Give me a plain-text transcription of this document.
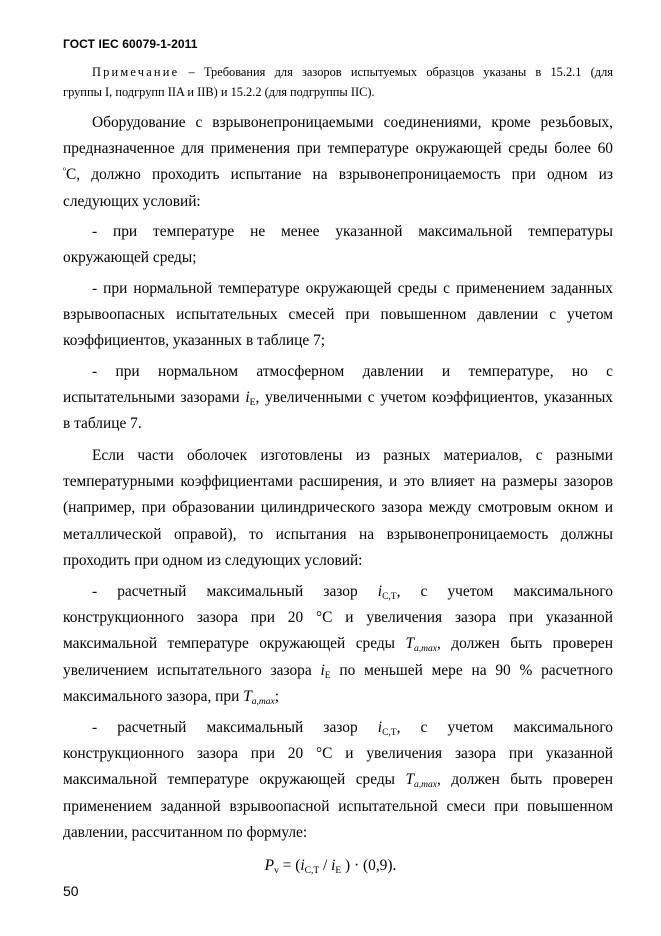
ГОСТ IEC 60079-1-2011
Примечание – Требования для зазоров испытуемых образцов указаны в 15.2.1 (для
группы I, подгрупп IIA и IIB) и 15.2.2 (для подгруппы IIC).
Оборудование с взрывонепроницаемыми соединениями, кроме резьбовых,
предназначенное для применения при температуре окружающей среды более 60
$^º$С, должно проходить испытание на взрывонепроницаемость при одном из
следующих условий:
- при температуре не менее указанной максимальной температуры
окружающей среды;
- при нормальной температуре окружающей среды с применением заданных
взрывоопасных испытательных смесей при повышенном давлении с учетом
коэффициентов, указанных в таблице 7;
- при нормальном атмосферном давлении и температуре, но с
испытательными зазорами $i_E$, увеличенными с учетом коэффициентов, указанных
в таблице 7.
Если части оболочек изготовлены из разных материалов, с разными
температурными коэффициентами расширения, и это влияет на размеры зазоров
(например, при образовании цилиндрического зазора между смотровым окном и
металлической оправой), то испытания на взрывонепроницаемость должны
проходить при одном из следующих условий:
- расчетный максимальный зазор $i_{C,T}$, с учетом максимального
конструкционного зазора при 20 °С и увеличения зазора при указанной
максимальной температуре окружающей среды $T_{a,max}$, должен быть проверен
увеличением испытательного зазора $i_E$ по меньшей мере на 90 % расчетного
максимального зазора, при $T_{a,max}$;
- расчетный максимальный зазор $i_{C,T}$, с учетом максимального
конструкционного зазора при 20 °С и увеличения зазора при указанной
максимальной температуре окружающей среды $T_{a,max}$, должен быть проверен
применением заданной взрывоопасной испытательной смеси при повышенном
давлении, рассчитанном по формуле:
$P_v = (i_{C,T} / i_E$ ) · (0,9).
50
